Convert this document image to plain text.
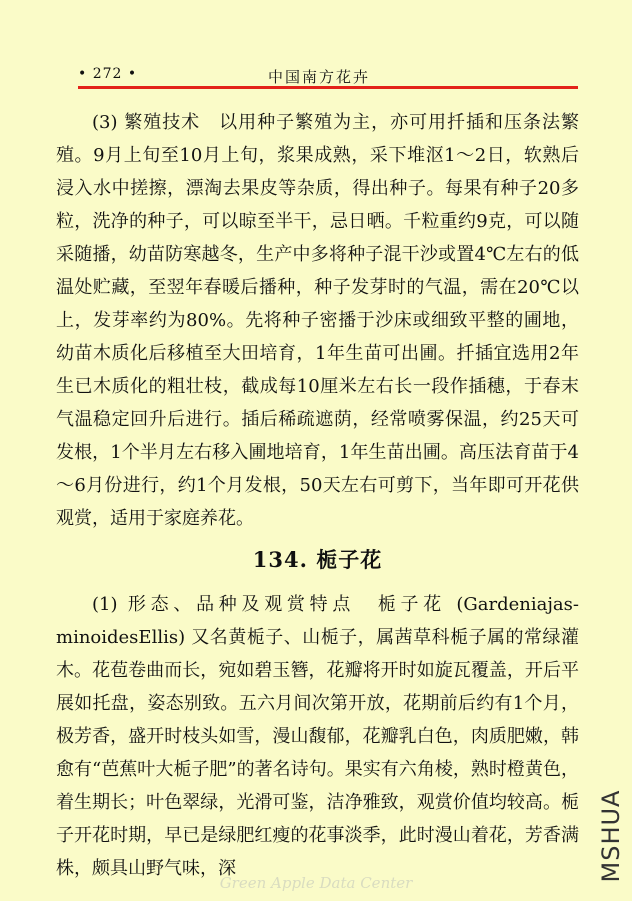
• 272 •	中国南方花卉

(3) 繁殖技术　以用种子繁殖为主，亦可用扦插和压条法繁殖。9月上旬至10月上旬，浆果成熟，采下堆沤1～2日，软熟后浸入水中搓擦，漂淘去果皮等杂质，得出种子。每果有种子20多粒，洗净的种子，可以晾至半干，忌日晒。千粒重约9克，可以随采随播，幼苗防寒越冬，生产中多将种子混干沙或置4℃左右的低温处贮藏，至翌年春暖后播种，种子发芽时的气温，需在20℃以上，发芽率约为80%。先将种子密播于沙床或细致平整的圃地，幼苗木质化后移植至大田培育，1年生苗可出圃。扦插宜选用2年生已木质化的粗壮枝，截成每10厘米左右长一段作插穗，于春末气温稳定回升后进行。插后稀疏遮荫，经常喷雾保温，约25天可发根，1个半月左右移入圃地培育，1年生苗出圃。高压法育苗于4～6月份进行，约1个月发根，50天左右可剪下，当年即可开花供观赏，适用于家庭养花。

134. 栀子花

(1) 形态、品种及观赏特点　栀子花 (Gardeniajas-minoidesEllis) 又名黄栀子、山栀子，属茜草科栀子属的常绿灌木。花苞卷曲而长，宛如碧玉簪，花瓣将开时如旋瓦覆盖，开后平展如托盘，姿态别致。五六月间次第开放，花期前后约有1个月，极芳香，盛开时枝头如雪，漫山馥郁，花瓣乳白色，肉质肥嫩，韩愈有“芭蕉叶大栀子肥”的著名诗句。果实有六角棱，熟时橙黄色，着生期长；叶色翠绿，光滑可鉴，洁净雅致，观赏价值均较高。栀子开花时期，早已是绿肥红瘦的花事淡季，此时漫山着花，芳香满株，颇具山野气味，深

Green Apple Data Center
MSHUA
